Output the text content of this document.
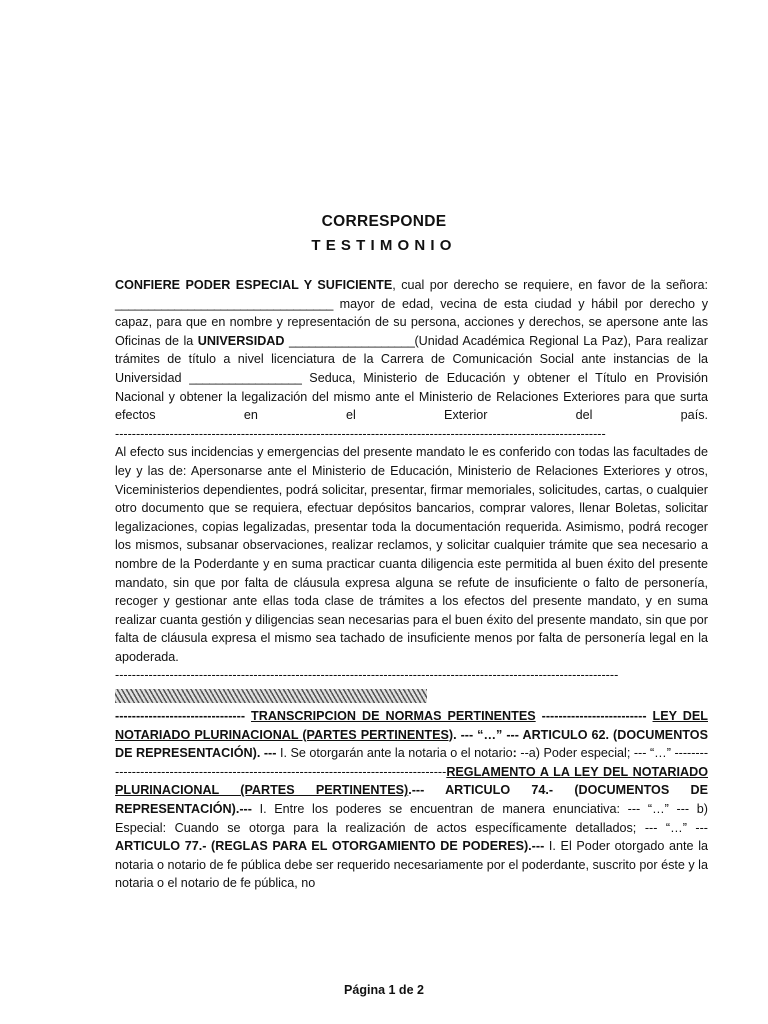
CORRESPONDE
TESTIMONIO

CONFIERE PODER ESPECIAL Y SUFICIENTE, cual por derecho se requiere, en favor de la señora: _________________________________ mayor de edad, vecina de esta ciudad y hábil por derecho y capaz, para que en nombre y representación de su persona, acciones y derechos, se apersone ante las Oficinas de la UNIVERSIDAD ___________________(Unidad Académica Regional La Paz), Para realizar trámites de título a nivel licenciatura de la Carrera de Comunicación Social ante instancias de la Universidad _________________ Seduca, Ministerio de Educación y obtener el Título en Provisión Nacional y obtener la legalización del mismo ante el Ministerio de Relaciones Exteriores para que surta efectos en el Exterior del país.

---------------------------------------------------------------------------------------------------------------------

Al efecto sus incidencias y emergencias del presente mandato le es conferido con todas las facultades de ley y las de: Apersonarse ante el Ministerio de Educación, Ministerio de Relaciones Exteriores y otros, Viceministerios dependientes, podrá solicitar, presentar, firmar memoriales, solicitudes, cartas, o cualquier otro documento que se requiera, efectuar depósitos bancarios, comprar valores, llenar Boletas, solicitar legalizaciones, copias legalizadas, presentar toda la documentación requerida. Asimismo, podrá recoger los mismos, subsanar observaciones, realizar reclamos, y solicitar cualquier trámite que sea necesario a nombre de la Poderdante y en suma practicar cuanta diligencia este permitida al buen éxito del presente mandato, sin que por falta de cláusula expresa alguna se refute de insuficiente o falto de personería, recoger y gestionar ante ellas toda clase de trámites a los efectos del presente mandato, y en suma realizar cuanta gestión y diligencias sean necesarias para el buen éxito del presente mandato, sin que por falta de cláusula expresa el mismo sea tachado de insuficiente menos por falta de personería legal en la apoderada.

------------------------------------------------------------------------------------------------------------------------

------------------------------- TRANSCRIPCION DE NORMAS PERTINENTES ------------------------- LEY DEL NOTARIADO PLURINACIONAL (PARTES PERTINENTES). --- “…” --- ARTICULO 62. (DOCUMENTOS DE REPRESENTACIÓN). --- I. Se otorgarán ante la notaria o el notario: --a) Poder especial; --- “…” ---------------------------------------------------------------------------------------REGLAMENTO A LA LEY DEL NOTARIADO PLURINACIONAL (PARTES PERTINENTES).--- ARTICULO 74.- (DOCUMENTOS DE REPRESENTACIÓN).--- I. Entre los poderes se encuentran de manera enunciativa: --- “…” --- b) Especial: Cuando se otorga para la realización de actos específicamente detallados; --- “…” --- ARTICULO 77.- (REGLAS PARA EL OTORGAMIENTO DE PODERES).--- I. El Poder otorgado ante la notaria o notario de fe pública debe ser requerido necesariamente por el poderdante, suscrito por éste y la notaria o el notario de fe pública, no

Página 1 de 2
